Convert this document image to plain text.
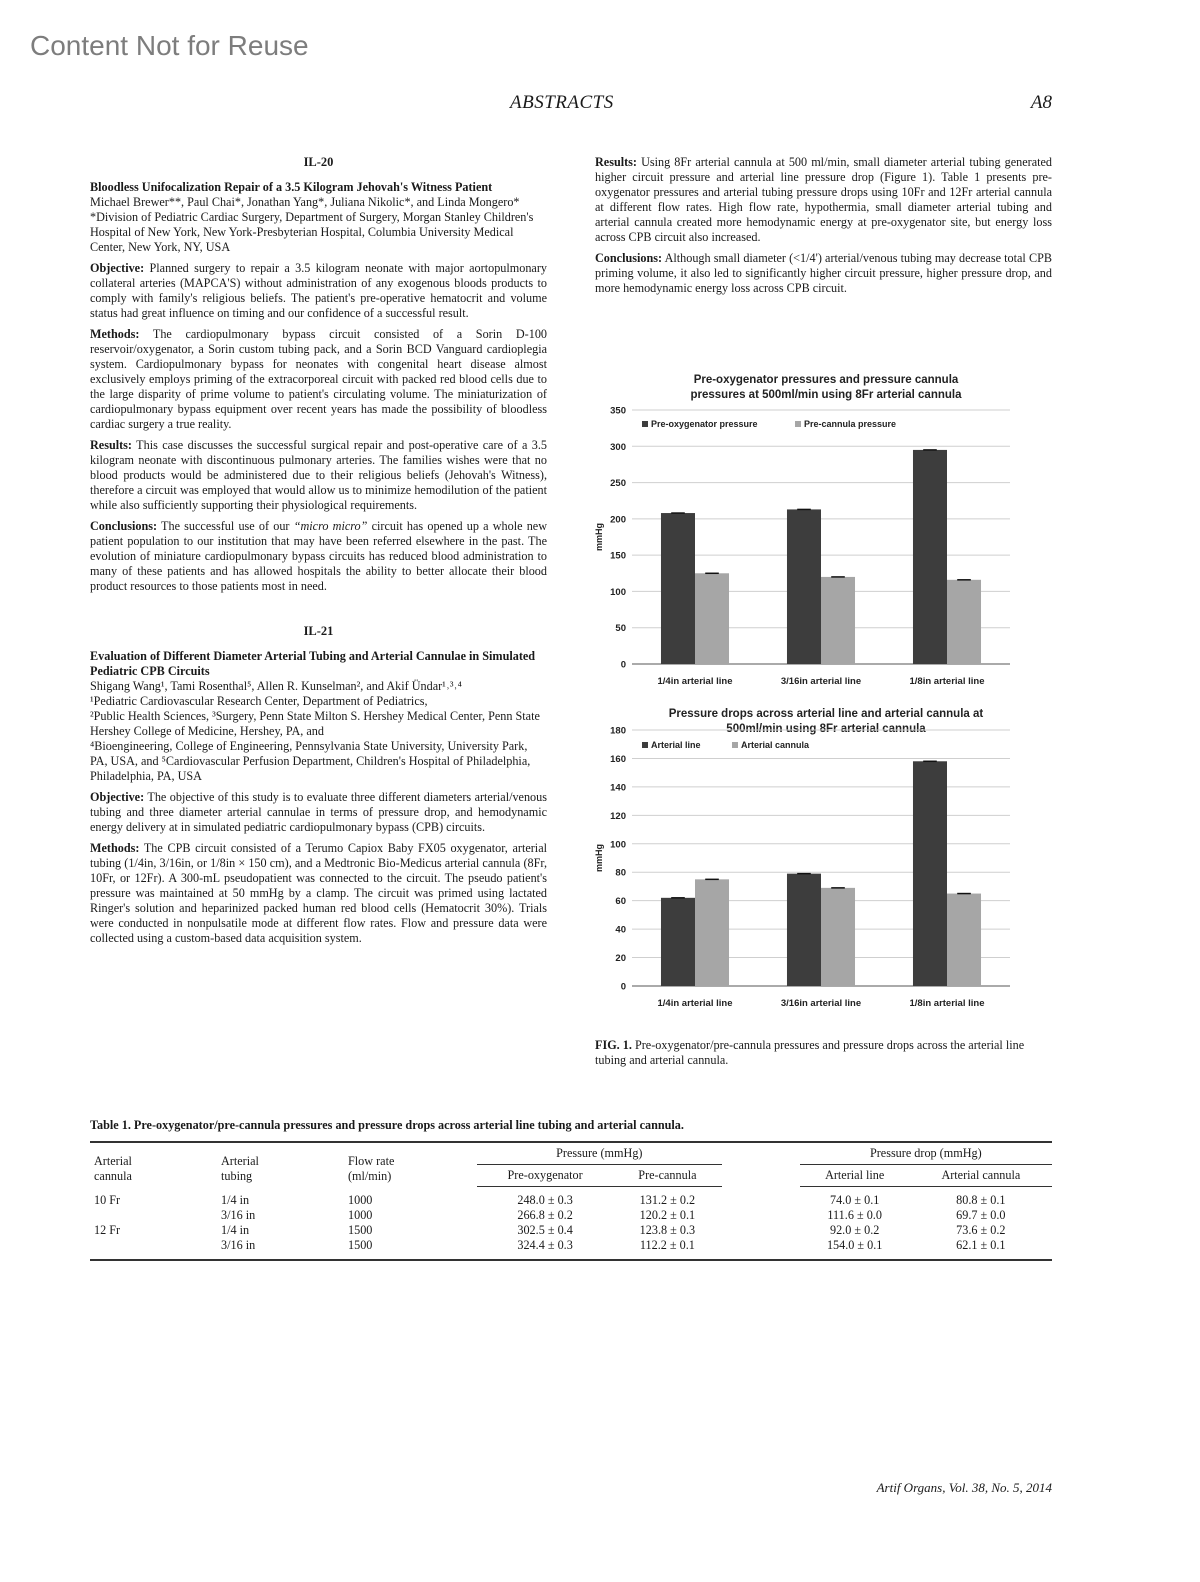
Content Not for Reuse
ABSTRACTS	A8
IL-20
Bloodless Unifocalization Repair of a 3.5 Kilogram Jehovah's Witness Patient
Michael Brewer**, Paul Chai*, Jonathan Yang*, Juliana Nikolic*, and Linda Mongero*
*Division of Pediatric Cardiac Surgery, Department of Surgery, Morgan Stanley Children's Hospital of New York, New York-Presbyterian Hospital, Columbia University Medical Center, New York, NY, USA

Objective: Planned surgery to repair a 3.5 kilogram neonate with major aortopulmonary collateral arteries (MAPCA'S) without administration of any exogenous bloods products to comply with family's religious beliefs. The patient's pre-operative hematocrit and volume status had great influence on timing and our confidence of a successful result.

Methods: The cardiopulmonary bypass circuit consisted of a Sorin D-100 reservoir/oxygenator, a Sorin custom tubing pack, and a Sorin BCD Vanguard cardioplegia system. Cardiopulmonary bypass for neonates with congenital heart disease almost exclusively employs priming of the extracorporeal circuit with packed red blood cells due to the large disparity of prime volume to patient's circulating volume. The miniaturization of cardiopulmonary bypass equipment over recent years has made the possibility of bloodless cardiac surgery a true reality.

Results: This case discusses the successful surgical repair and post-operative care of a 3.5 kilogram neonate with discontinuous pulmonary arteries. The families wishes were that no blood products would be administered due to their religious beliefs (Jehovah's Witness), therefore a circuit was employed that would allow us to minimize hemodilution of the patient while also sufficiently supporting their physiological requirements.

Conclusions: The successful use of our “micro micro” circuit has opened up a whole new patient population to our institution that may have been referred elsewhere in the past. The evolution of miniature cardiopulmonary bypass circuits has reduced blood administration to many of these patients and has allowed hospitals the ability to better allocate their blood product resources to those patients most in need.

IL-21
Evaluation of Different Diameter Arterial Tubing and Arterial Cannulae in Simulated Pediatric CPB Circuits
Shigang Wang¹, Tami Rosenthal⁵, Allen R. Kunselman², and Akif Ündar¹˒³˒⁴
¹Pediatric Cardiovascular Research Center, Department of Pediatrics,
²Public Health Sciences, ³Surgery, Penn State Milton S. Hershey Medical Center, Penn State Hershey College of Medicine, Hershey, PA, and
⁴Bioengineering, College of Engineering, Pennsylvania State University, University Park, PA, USA, and ⁵Cardiovascular Perfusion Department, Children's Hospital of Philadelphia, Philadelphia, PA, USA

Objective: The objective of this study is to evaluate three different diameters arterial/venous tubing and three diameter arterial cannulae in terms of pressure drop, and hemodynamic energy delivery at in simulated pediatric cardiopulmonary bypass (CPB) circuits.

Methods: The CPB circuit consisted of a Terumo Capiox Baby FX05 oxygenator, arterial tubing (1/4in, 3/16in, or 1/8in × 150 cm), and a Medtronic Bio-Medicus arterial cannula (8Fr, 10Fr, or 12Fr). A 300-mL pseudopatient was connected to the circuit. The pseudo patient's pressure was maintained at 50 mmHg by a clamp. The circuit was primed using lactated Ringer's solution and heparinized packed human red blood cells (Hematocrit 30%). Trials were conducted in nonpulsatile mode at different flow rates. Flow and pressure data were collected using a custom-based data acquisition system.

Results: Using 8Fr arterial cannula at 500 ml/min, small diameter arterial tubing generated higher circuit pressure and arterial line pressure drop (Figure 1). Table 1 presents pre-oxygenator pressures and arterial tubing pressure drops using 10Fr and 12Fr arterial cannula at different flow rates. High flow rate, hypothermia, small diameter arterial tubing and arterial cannula created more hemodynamic energy at pre-oxygenator site, but energy loss across CPB circuit also increased.

Conclusions: Although small diameter (<1/4') arterial/venous tubing may decrease total CPB priming volume, it also led to significantly higher circuit pressure, higher pressure drop, and more hemodynamic energy loss across CPB circuit.

Pre-oxygenator pressures and pressure cannula
pressures at 500ml/min using 8Fr arterial cannula
0
50
100
150
200
250
300
350
mmHg
1/4in arterial line	3/16in arterial line	1/8in arterial line
Pre-oxygenator pressure	Pre-cannula pressure
Pressure drops across arterial line and arterial cannula at
500ml/min using 8Fr arterial cannula
0
20
40
60
80
100
120
140
160
180
mmHg
1/4in arterial line	3/16in arterial line	1/8in arterial line
Arterial line	Arterial cannula
FIG. 1. Pre-oxygenator/pre-cannula pressures and pressure drops across the arterial line tubing and arterial cannula.
Table 1. Pre-oxygenator/pre-cannula pressures and pressure drops across arterial line tubing and arterial cannula.
Arterial
cannula	Arterial
tubing	Flow rate
(ml/min)	Pressure (mmHg)			Pressure drop (mmHg)	
			Pre-oxygenator	Pre-cannula		Arterial line	Arterial cannula
10 Fr	1/4 in	1000	248.0 ± 0.3	131.2 ± 0.2		74.0 ± 0.1	80.8 ± 0.1
	3/16 in	1000	266.8 ± 0.2	120.2 ± 0.1		111.6 ± 0.0	69.7 ± 0.0
12 Fr	1/4 in	1500	302.5 ± 0.4	123.8 ± 0.3		92.0 ± 0.2	73.6 ± 0.2
	3/16 in	1500	324.4 ± 0.3	112.2 ± 0.1		154.0 ± 0.1	62.1 ± 0.1
Artif Organs, Vol. 38, No. 5, 2014
